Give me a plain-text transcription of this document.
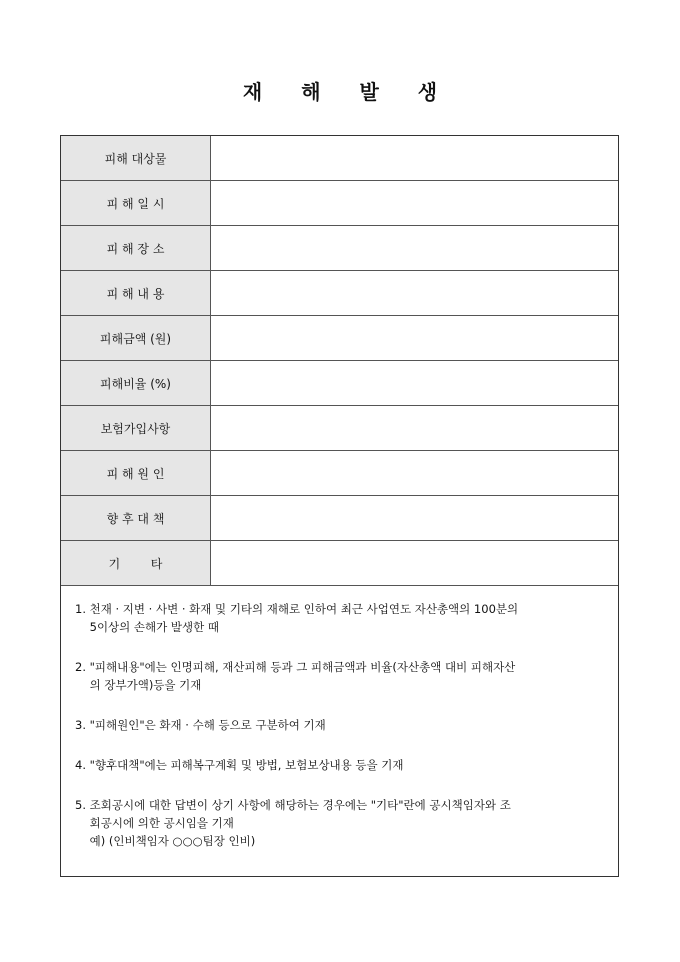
재 해 발 생
피해 대상물
피 해 일 시
피 해 장 소
피 해 내 용
피해금액 (원)
피해비율 (%)
보험가입사항
피 해 원 인
향 후 대 책
기        타
1. 천재 · 지변 · 사변 · 화재 및 기타의 재해로 인하여 최근 사업연도 자산총액의 100분의
5이상의 손해가 발생한 때
2. "피해내용"에는 인명피해, 재산피해 등과 그 피해금액과 비율(자산총액 대비 피해자산
의 장부가액)등을 기재
3. "피해원인"은 화재 · 수해 등으로 구분하여 기재
4. "향후대책"에는 피해복구계획 및 방법, 보험보상내용 등을 기재
5. 조회공시에 대한 답변이 상기 사항에 해당하는 경우에는 "기타"란에 공시책임자와 조
회공시에 의한 공시임을 기재
예) (인비책임자 ○○○팀장 인비)
